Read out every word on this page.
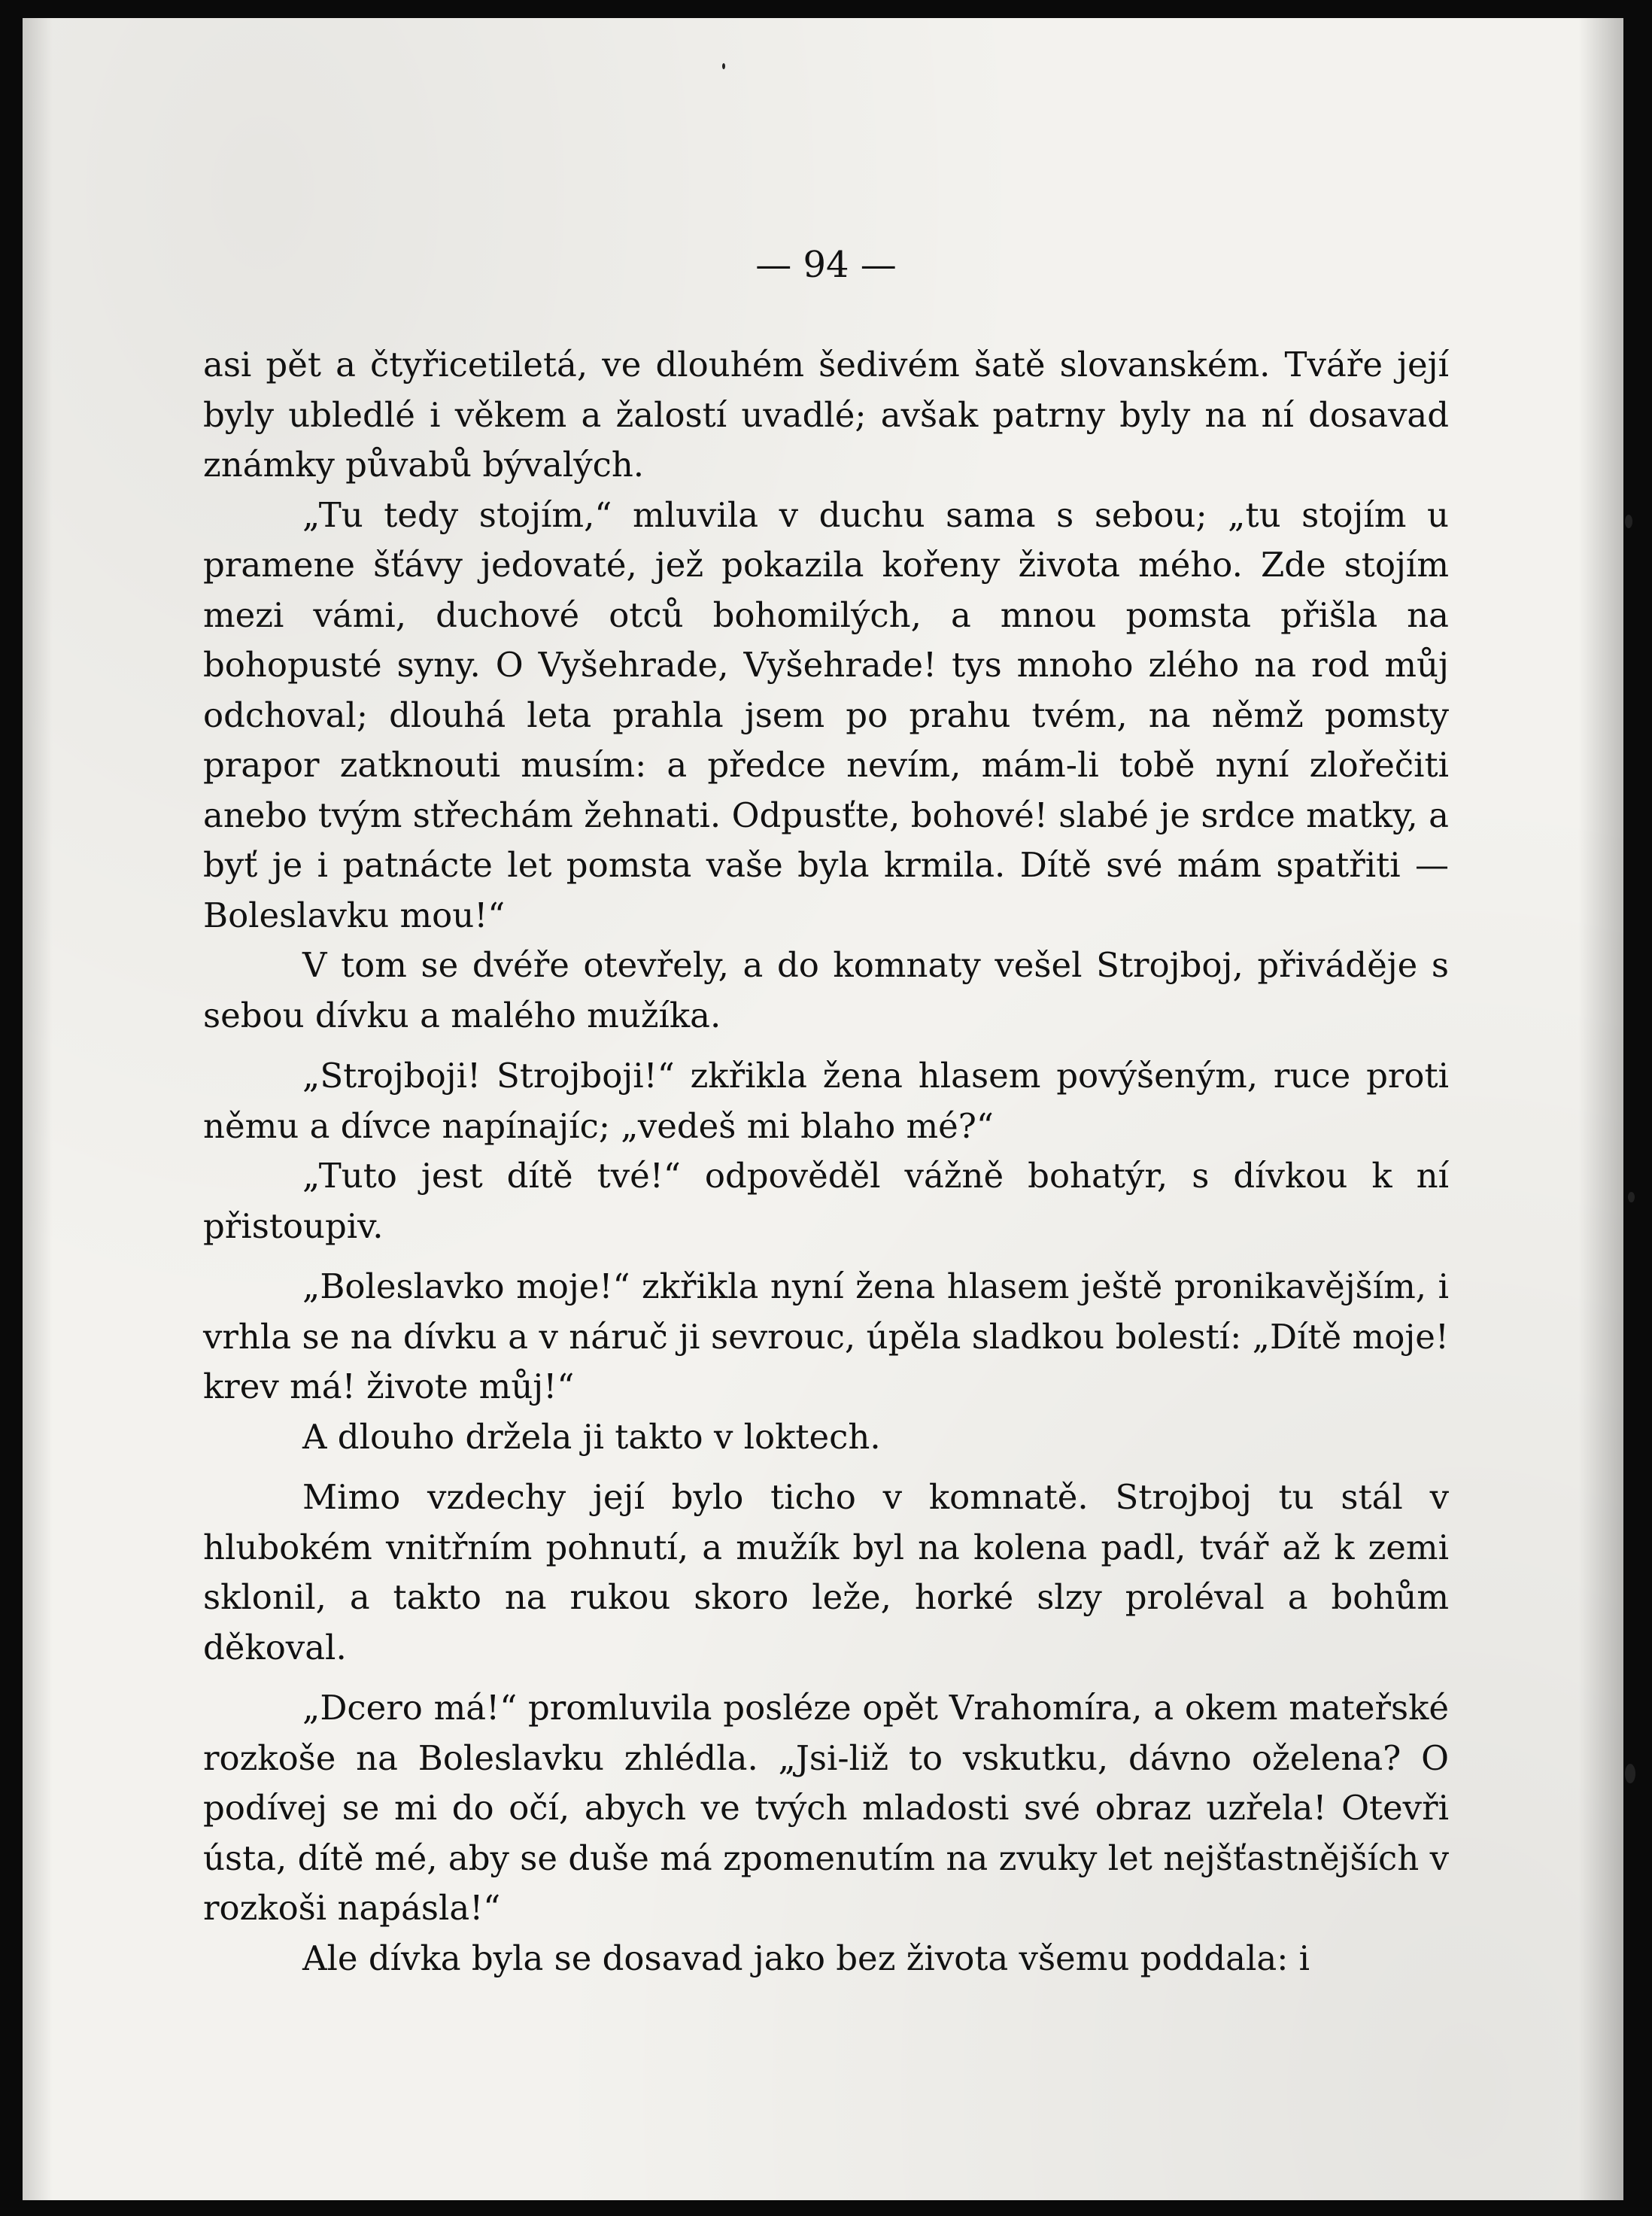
— 94 —

asi pět a čtyřicetiletá, ve dlouhém šedivém šatě slovanském. Tváře její byly ubledlé i věkem a žalostí uvadlé; avšak patrny byly na ní dosavad známky půvabů bývalých.

„Tu tedy stojím,“ mluvila v duchu sama s sebou; „tu stojím u pramene šťávy jedovaté, jež pokazila kořeny života mého. Zde stojím mezi vámi, duchové otců bohomilých, a mnou pomsta přišla na bohopusté syny. O Vyšehrade, Vyšehrade! tys mnoho zlého na rod můj odchoval; dlouhá leta prahla jsem po prahu tvém, na němž pomsty prapor zatknouti musím: a předce nevím, mám-li tobě nyní zlořečiti anebo tvým střechám žehnati. Odpusťte, bohové! slabé je srdce matky, a byť je i patnácte let pomsta vaše byla krmila. Dítě své mám spatřiti — Boleslavku mou!“

V tom se dvéře otevřely, a do komnaty vešel Strojboj, přiváděje s sebou dívku a malého mužíka.

„Strojboji! Strojboji!“ zkřikla žena hlasem povýšeným, ruce proti němu a dívce napínajíc; „vedeš mi blaho mé?“

„Tuto jest dítě tvé!“ odpověděl vážně bohatýr, s dívkou k ní přistoupiv.

„Boleslavko moje!“ zkřikla nyní žena hlasem ještě pronikavějším, i vrhla se na dívku a v náruč ji sevrouc, úpěla sladkou bolestí: „Dítě moje! krev má! živote můj!“

A dlouho držela ji takto v loktech.

Mimo vzdechy její bylo ticho v komnatě. Strojboj tu stál v hlubokém vnitřním pohnutí, a mužík byl na kolena padl, tvář až k zemi sklonil, a takto na rukou skoro leže, horké slzy proléval a bohům děkoval.

„Dcero má!“ promluvila posléze opět Vrahomíra, a okem mateřské rozkoše na Boleslavku zhlédla. „Jsi-liž to vskutku, dávno oželena? O podívej se mi do očí, abych ve tvých mladosti své obraz uzřela! Otevři ústa, dítě mé, aby se duše má zpomenutím na zvuky let nejšťastnějších v rozkoši napásla!“

Ale dívka byla se dosavad jako bez života všemu poddala: i
